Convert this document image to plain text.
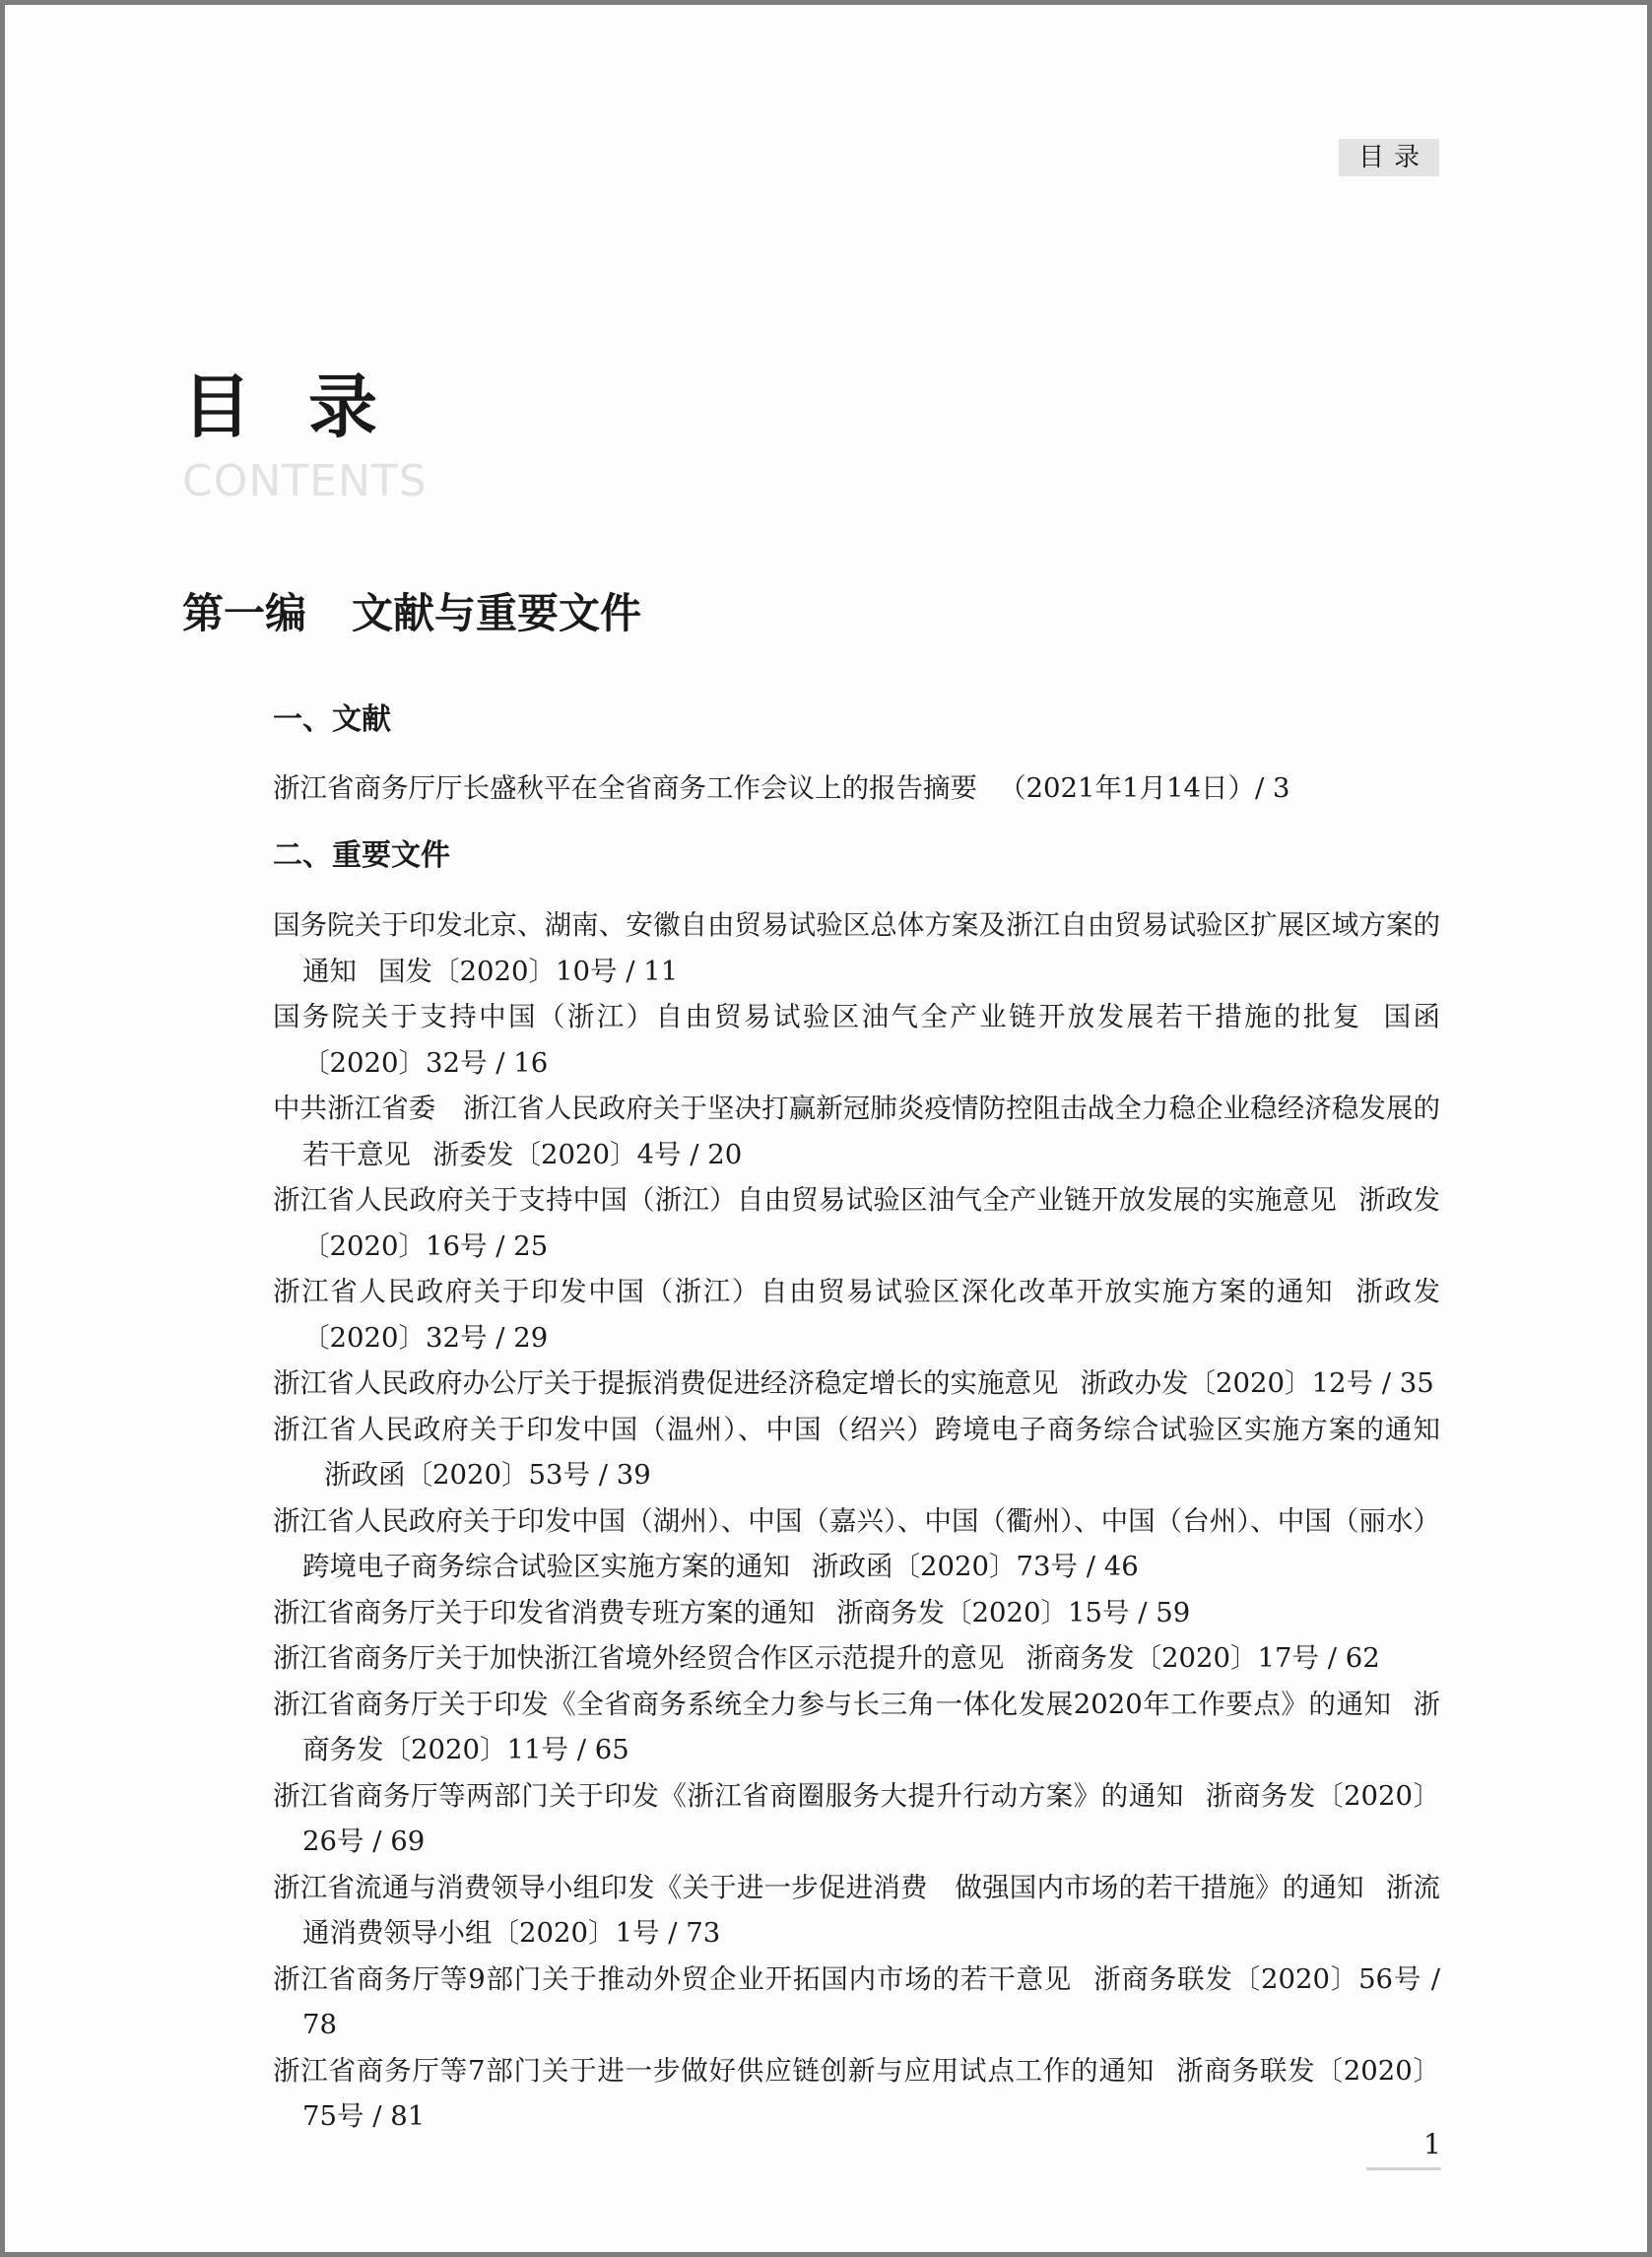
目录
目录
CONTENTS
第一编 文献与重要文件
一、文献
浙江省商务厅厅长盛秋平在全省商务工作会议上的报告摘要 （2021年1月14日）/ 3
二、重要文件
国务院关于印发北京、湖南、安徽自由贸易试验区总体方案及浙江自由贸易试验区扩展区域方案的通知 国发〔2020〕10号 / 11
国务院关于支持中国（浙江）自由贸易试验区油气全产业链开放发展若干措施的批复 国函〔2020〕32号 / 16
中共浙江省委　浙江省人民政府关于坚决打赢新冠肺炎疫情防控阻击战全力稳企业稳经济稳发展的若干意见 浙委发〔2020〕4号 / 20
浙江省人民政府关于支持中国（浙江）自由贸易试验区油气全产业链开放发展的实施意见 浙政发〔2020〕16号 / 25
浙江省人民政府关于印发中国（浙江）自由贸易试验区深化改革开放实施方案的通知 浙政发〔2020〕32号 / 29
浙江省人民政府办公厅关于提振消费促进经济稳定增长的实施意见 浙政办发〔2020〕12号 / 35
浙江省人民政府关于印发中国（温州）、中国（绍兴）跨境电子商务综合试验区实施方案的通知浙政函〔2020〕53号 / 39
浙江省人民政府关于印发中国（湖州）、中国（嘉兴）、中国（衢州）、中国（台州）、中国（丽水）跨境电子商务综合试验区实施方案的通知 浙政函〔2020〕73号 / 46
浙江省商务厅关于印发省消费专班方案的通知 浙商务发〔2020〕15号 / 59
浙江省商务厅关于加快浙江省境外经贸合作区示范提升的意见 浙商务发〔2020〕17号 / 62
浙江省商务厅关于印发《全省商务系统全力参与长三角一体化发展2020年工作要点》的通知 浙商务发〔2020〕11号 / 65
浙江省商务厅等两部门关于印发《浙江省商圈服务大提升行动方案》的通知 浙商务发〔2020〕26号 / 69
浙江省流通与消费领导小组印发《关于进一步促进消费　做强国内市场的若干措施》的通知 浙流通消费领导小组〔2020〕1号 / 73
浙江省商务厅等9部门关于推动外贸企业开拓国内市场的若干意见 浙商务联发〔2020〕56号 / 78
浙江省商务厅等7部门关于进一步做好供应链创新与应用试点工作的通知 浙商务联发〔2020〕75号 / 81
1
